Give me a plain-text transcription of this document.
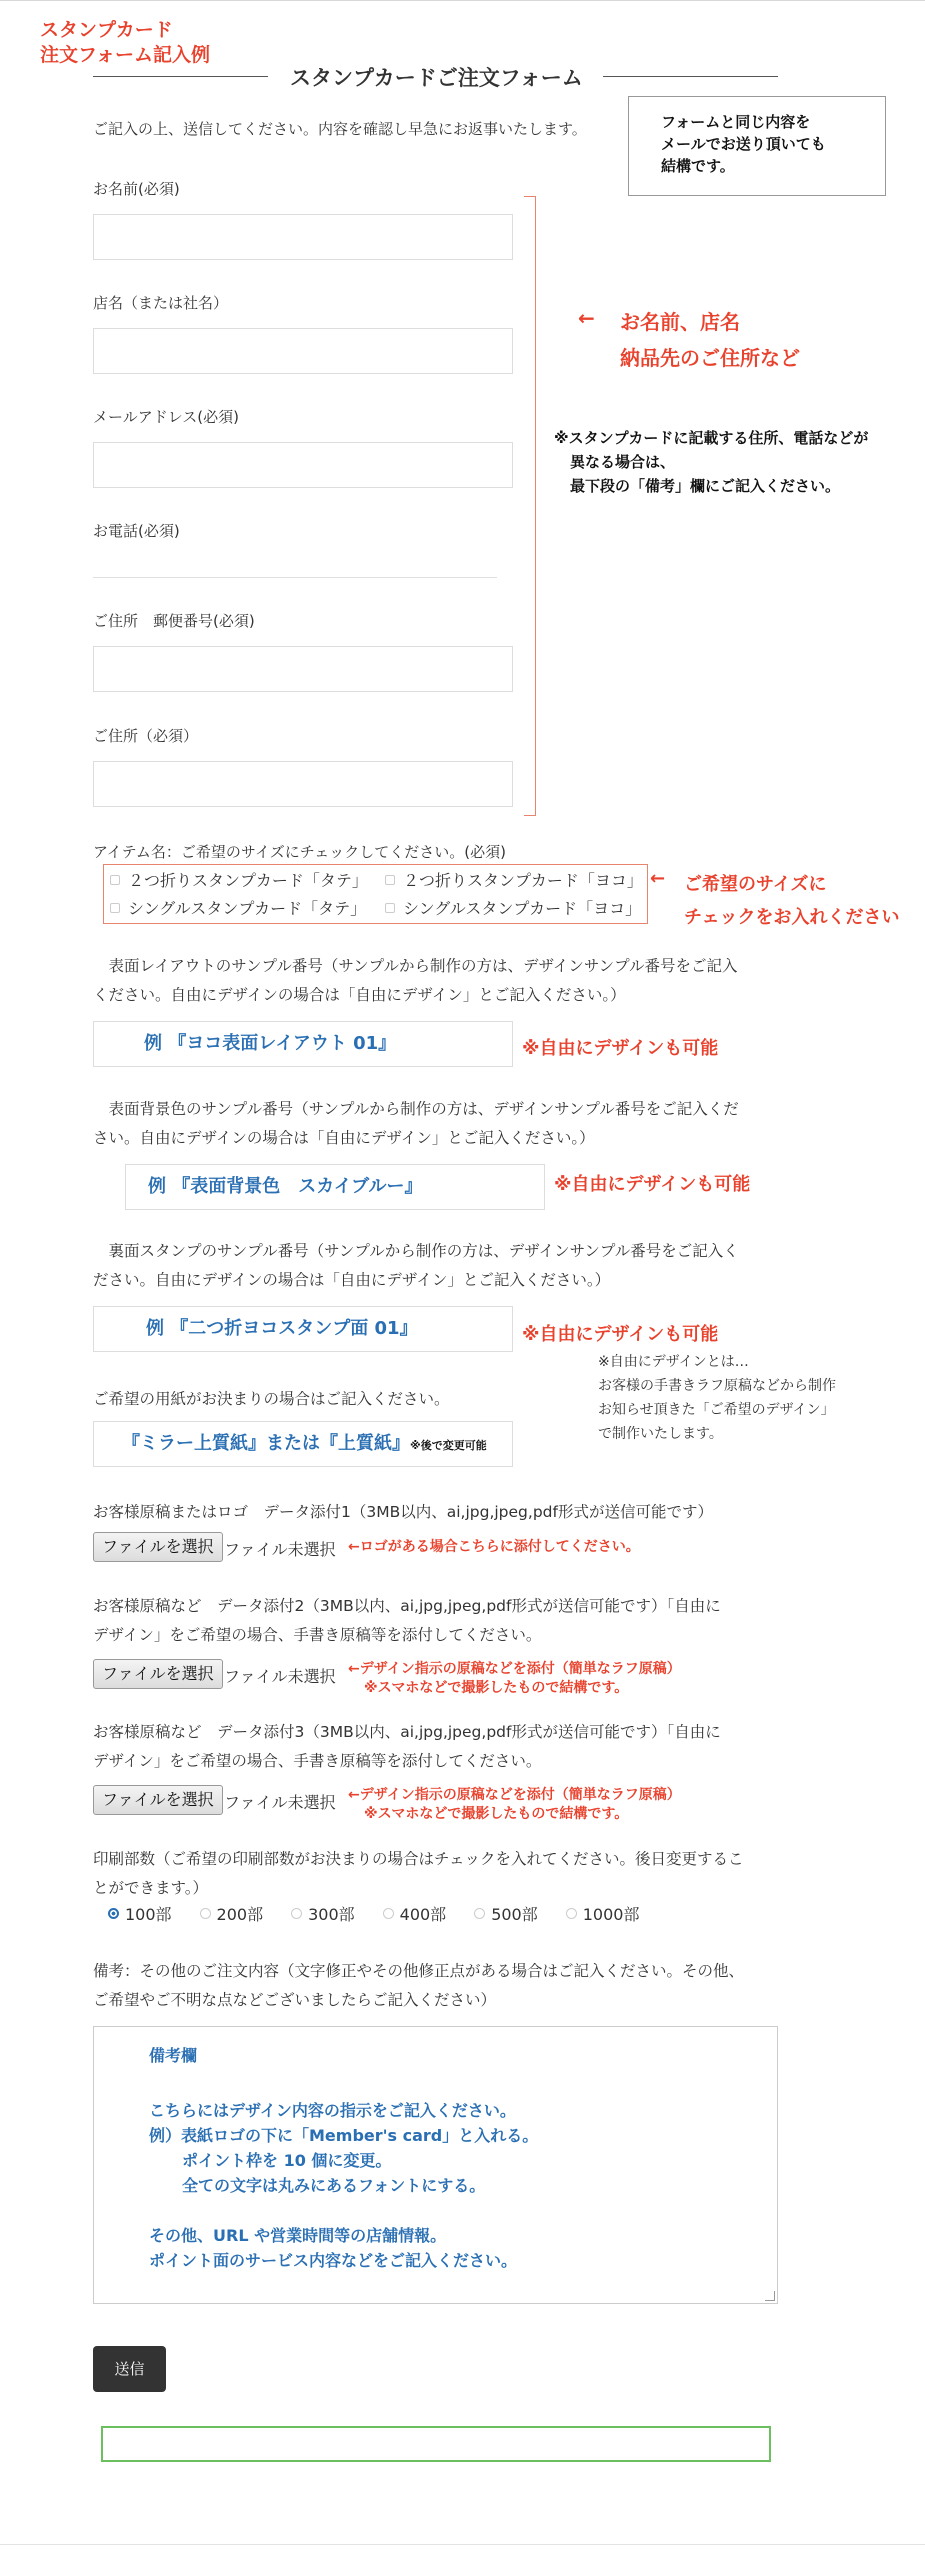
スタンプカード
注文フォーム記入例
スタンプカードご注文フォーム
ご記入の上、送信してください。内容を確認し早急にお返事いたします。	フォームと同じ内容を
メールでお送り頂いても
結構です。
お名前(必須)
店名（または社名）
メールアドレス(必須)
お電話(必須)
ご住所　郵便番号(必須)
ご住所（必須）
← お名前、店名
納品先のご住所など
※スタンプカードに記載する住所、電話などが
異なる場合は、
最下段の「備考」欄にご記入ください。
アイテム名：ご希望のサイズにチェックしてください。(必須)
２つ折りスタンプカード「タテ」 ２つ折りスタンプカード「ヨコ」
シングルスタンプカード「タテ」 シングルスタンプカード「ヨコ」
← ご希望のサイズに
チェックをお入れください
　表面レイアウトのサンプル番号（サンプルから制作の方は、デザインサンプル番号をご記入
ください。自由にデザインの場合は「自由にデザイン」とご記入ください。）
例 『ヨコ表面レイアウト 01』	※自由にデザインも可能
　表面背景色のサンプル番号（サンプルから制作の方は、デザインサンプル番号をご記入くだ
さい。自由にデザインの場合は「自由にデザイン」とご記入ください。）
例 『表面背景色　スカイブルー』	※自由にデザインも可能
　裏面スタンプのサンプル番号（サンプルから制作の方は、デザインサンプル番号をご記入く
ださい。自由にデザインの場合は「自由にデザイン」とご記入ください。）
例 『二つ折ヨコスタンプ面 01』	※自由にデザインも可能
※自由にデザインとは…
お客様の手書きラフ原稿などから制作
お知らせ頂きた「ご希望のデザイン」
で制作いたします。
ご希望の用紙がお決まりの場合はご記入ください。
『ミラー上質紙』または『上質紙』※後で変更可能
お客様原稿またはロゴ　データ添付1（3MB以内、ai,jpg,jpeg,pdf形式が送信可能です）
ファイルを選択 ファイル未選択 ←ロゴがある場合こちらに添付してください。
お客様原稿など　データ添付2（3MB以内、ai,jpg,jpeg,pdf形式が送信可能です）「自由に
デザイン」をご希望の場合、手書き原稿等を添付してください。
ファイルを選択 ファイル未選択 ←デザイン指示の原稿などを添付（簡単なラフ原稿）
※スマホなどで撮影したもので結構です。
お客様原稿など　データ添付3（3MB以内、ai,jpg,jpeg,pdf形式が送信可能です）「自由に
デザイン」をご希望の場合、手書き原稿等を添付してください。
ファイルを選択 ファイル未選択 ←デザイン指示の原稿などを添付（簡単なラフ原稿）
※スマホなどで撮影したもので結構です。
印刷部数（ご希望の印刷部数がお決まりの場合はチェックを入れてください。後日変更するこ
とができます。）
100部	200部	300部	400部	500部	1000部
備考：その他のご注文内容（文字修正やその他修正点がある場合はご記入ください。その他、
ご希望やご不明な点などございましたらご記入ください）
備考欄
こちらにはデザイン内容の指示をご記入ください。
例）表紙ロゴの下に「Member's card」と入れる。
ポイント枠を 10 個に変更。
全ての文字は丸みにあるフォントにする。
その他、URL や営業時間等の店舗情報。
ポイント面のサービス内容などをご記入ください。
送信
